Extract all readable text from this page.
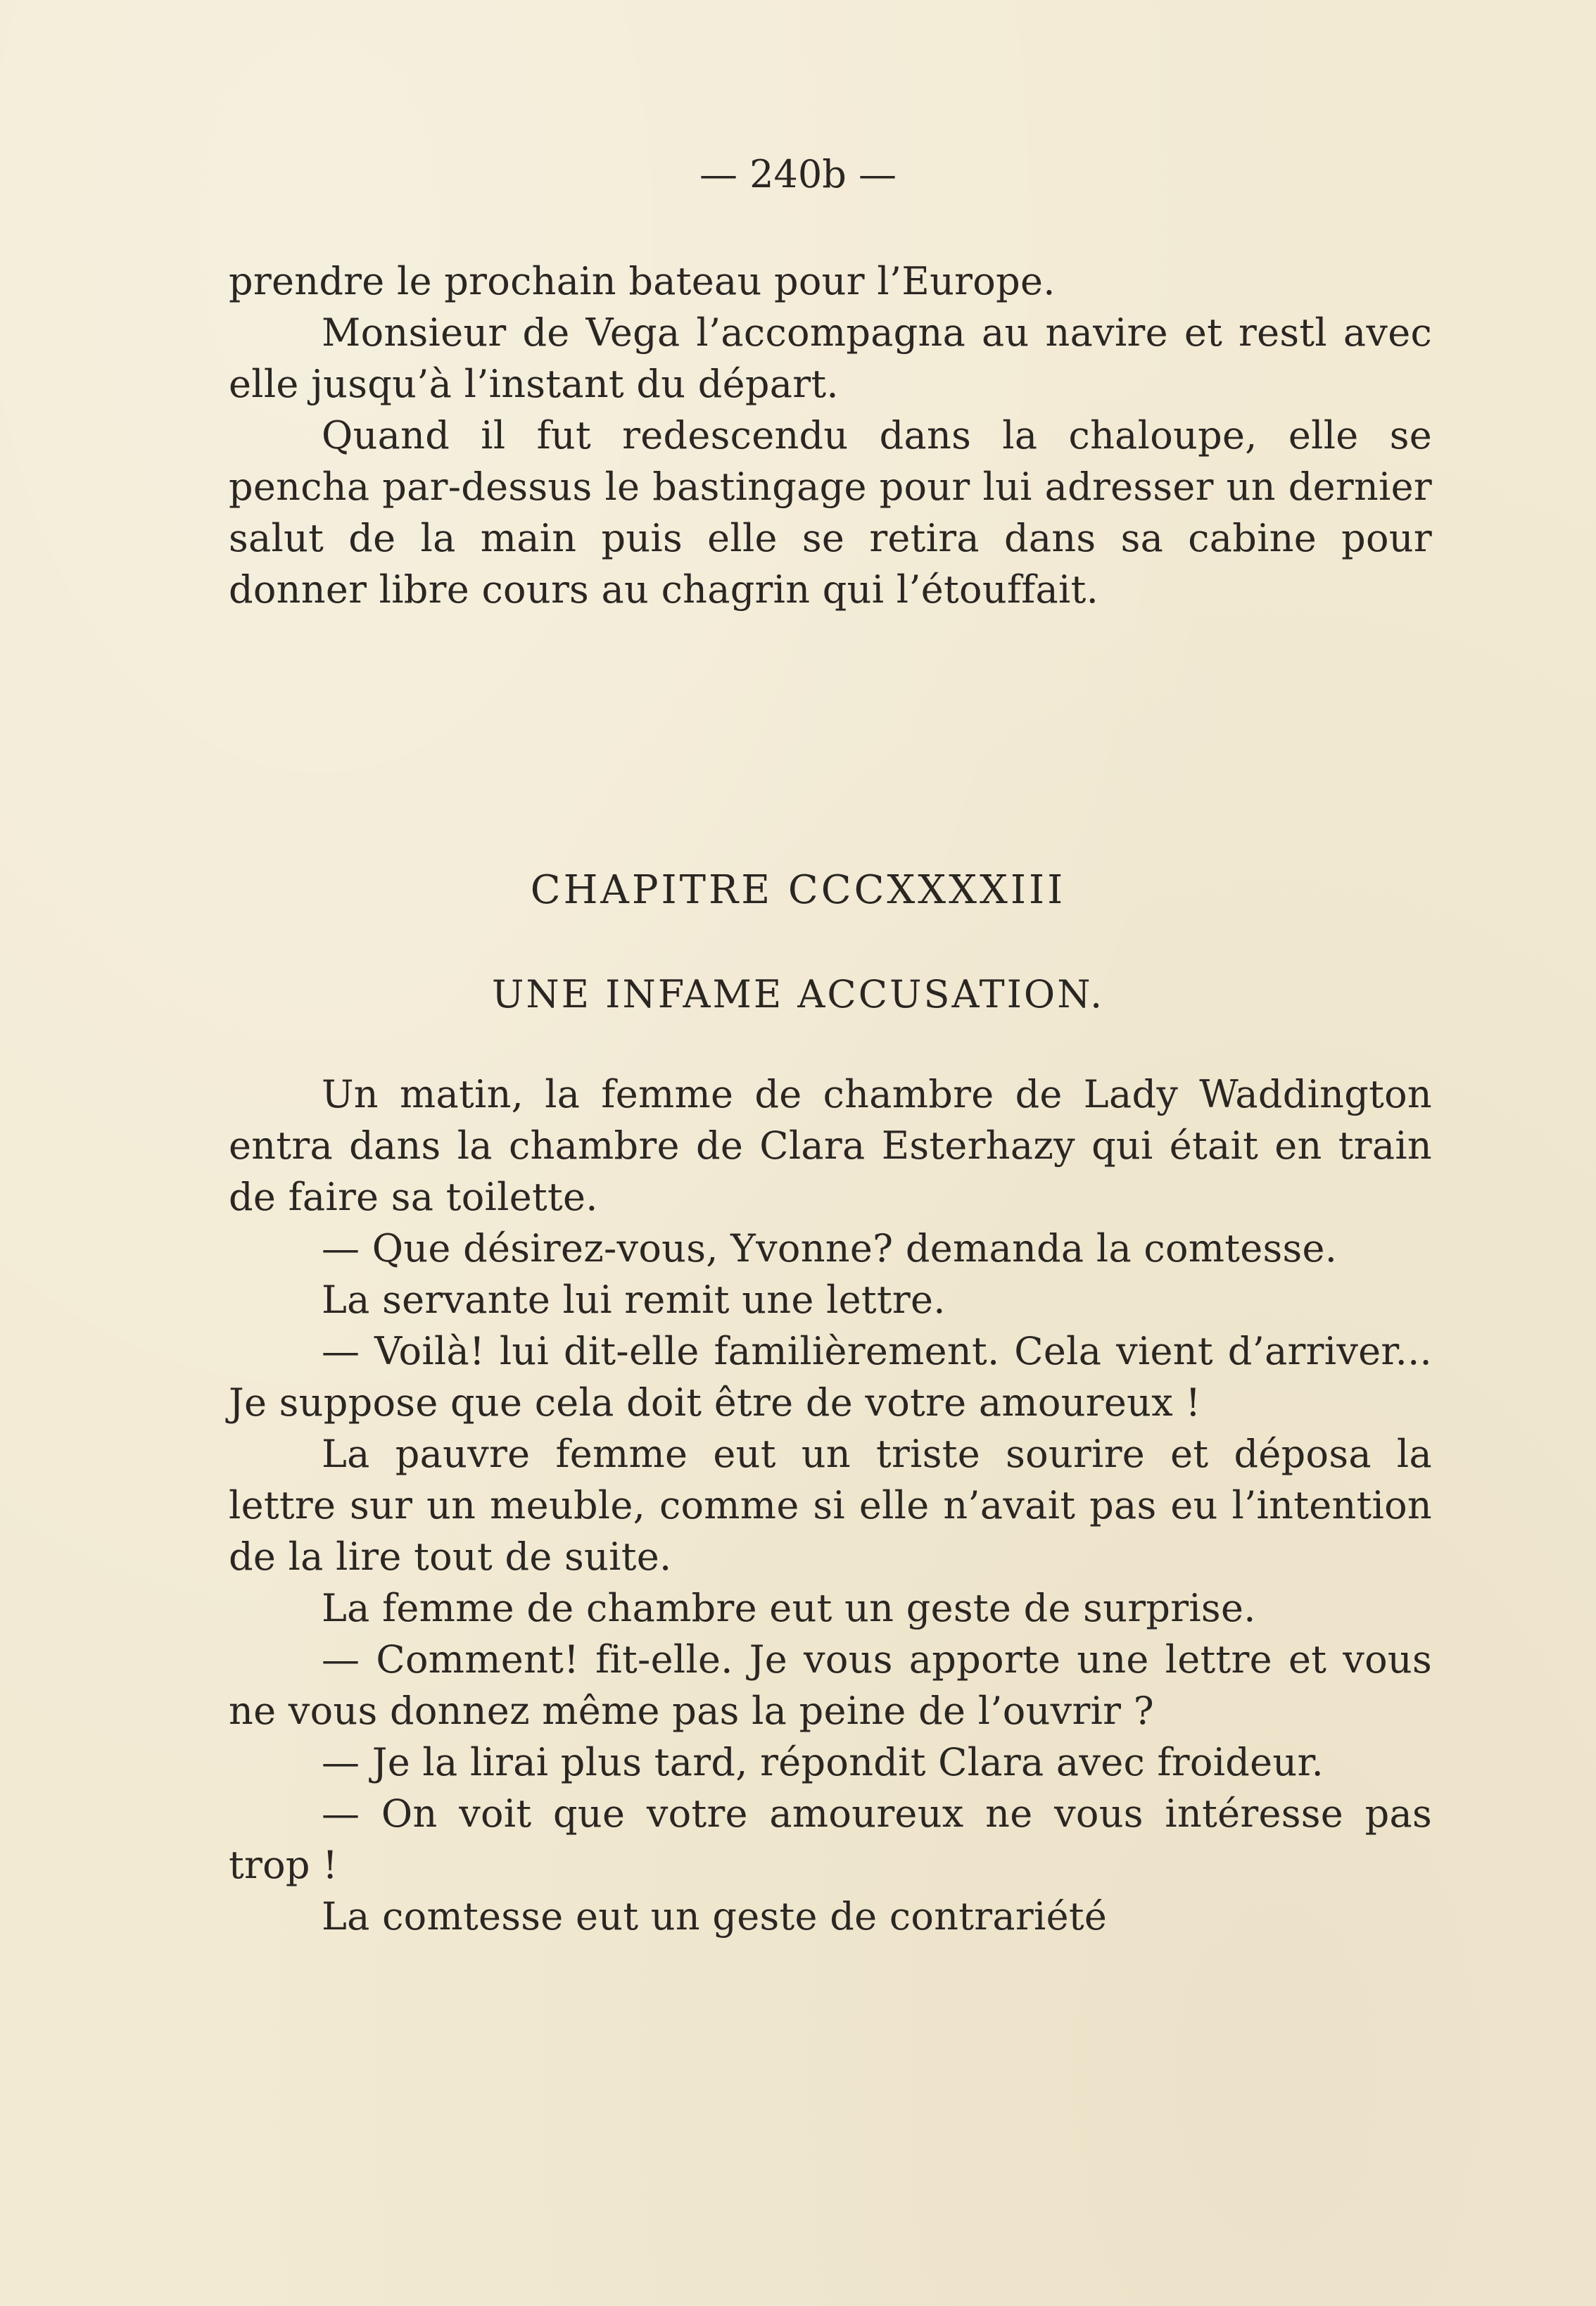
— 240b —

prendre le prochain bateau pour l’Europe.

Monsieur de Vega l’accompagna au navire et restl avec elle jusqu’à l’instant du départ.

Quand il fut redescendu dans la chaloupe, elle se pencha par-dessus le bastingage pour lui adresser un dernier salut de la main puis elle se retira dans sa cabine pour donner libre cours au chagrin qui l’étouffait.

CHAPITRE CCCXXXXIII
UNE INFAME ACCUSATION.

Un matin, la femme de chambre de Lady Waddington entra dans la chambre de Clara Esterhazy qui était en train de faire sa toilette.

— Que désirez-vous, Yvonne? demanda la comtesse.

La servante lui remit une lettre.

— Voilà! lui dit-elle familièrement. Cela vient d’arriver... Je suppose que cela doit être de votre amoureux !

La pauvre femme eut un triste sourire et déposa la lettre sur un meuble, comme si elle n’avait pas eu l’intention de la lire tout de suite.

La femme de chambre eut un geste de surprise.

— Comment! fit-elle. Je vous apporte une lettre et vous ne vous donnez même pas la peine de l’ouvrir ?

— Je la lirai plus tard, répondit Clara avec froideur.

— On voit que votre amoureux ne vous intéresse pas trop !

La comtesse eut un geste de contrariété
